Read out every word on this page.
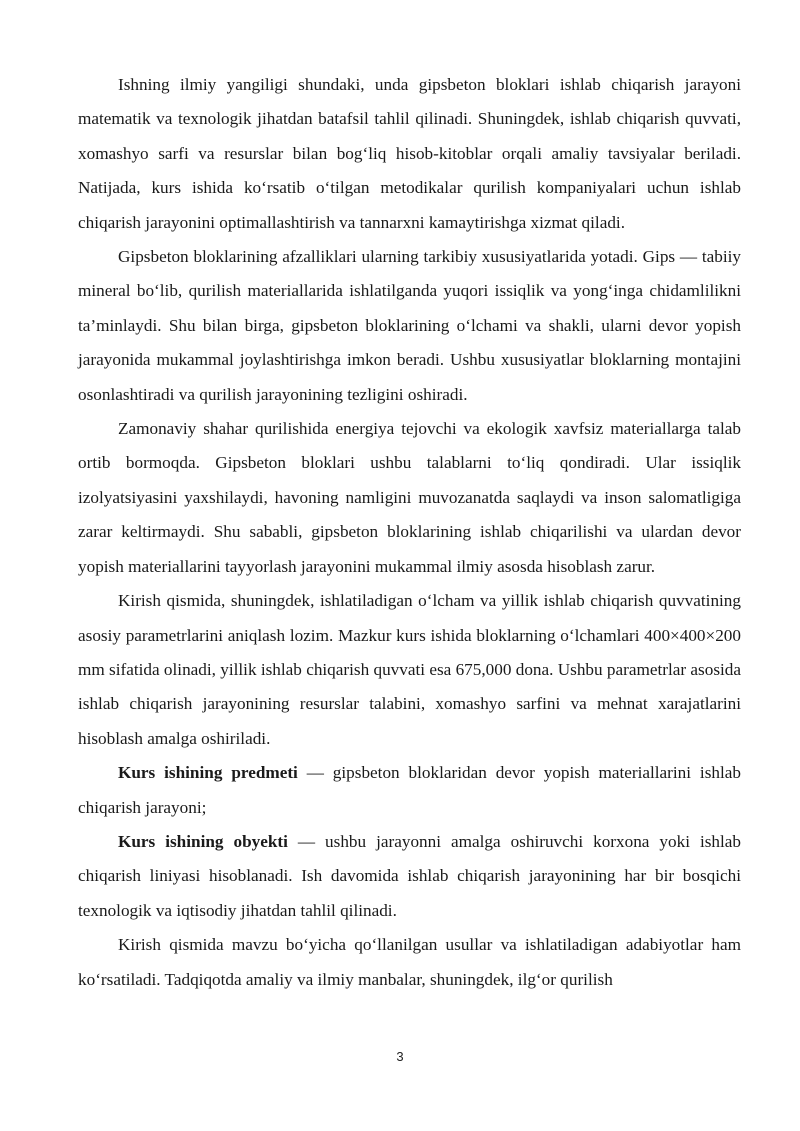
Ishning ilmiy yangiligi shundaki, unda gipsbeton bloklari ishlab chiqarish jarayoni matematik va texnologik jihatdan batafsil tahlil qilinadi. Shuningdek, ishlab chiqarish quvvati, xomashyo sarfi va resurslar bilan bog‘liq hisob-kitoblar orqali amaliy tavsiyalar beriladi. Natijada, kurs ishida ko‘rsatib o‘tilgan metodikalar qurilish kompaniyalari uchun ishlab chiqarish jarayonini optimallashtirish va tannarxni kamaytirishga xizmat qiladi.

Gipsbeton bloklarining afzalliklari ularning tarkibiy xususiyatlarida yotadi. Gips — tabiiy mineral bo‘lib, qurilish materiallarida ishlatilganda yuqori issiqlik va yong‘inga chidamlilikni ta’minlaydi. Shu bilan birga, gipsbeton bloklarining o‘lchami va shakli, ularni devor yopish jarayonida mukammal joylashtirishga imkon beradi. Ushbu xususiyatlar bloklarning montajini osonlashtiradi va qurilish jarayonining tezligini oshiradi.

Zamonaviy shahar qurilishida energiya tejovchi va ekologik xavfsiz materiallarga talab ortib bormoqda. Gipsbeton bloklari ushbu talablarni to‘liq qondiradi. Ular issiqlik izolyatsiyasini yaxshilaydi, havoning namligini muvozanatda saqlaydi va inson salomatligiga zarar keltirmaydi. Shu sababli, gipsbeton bloklarining ishlab chiqarilishi va ulardan devor yopish materiallarini tayyorlash jarayonini mukammal ilmiy asosda hisoblash zarur.

Kirish qismida, shuningdek, ishlatiladigan o‘lcham va yillik ishlab chiqarish quvvatining asosiy parametrlarini aniqlash lozim. Mazkur kurs ishida bloklarning o‘lchamlari 400×400×200 mm sifatida olinadi, yillik ishlab chiqarish quvvati esa 675,000 dona. Ushbu parametrlar asosida ishlab chiqarish jarayonining resurslar talabini, xomashyo sarfini va mehnat xarajatlarini hisoblash amalga oshiriladi.

Kurs ishining predmeti — gipsbeton bloklaridan devor yopish materiallarini ishlab chiqarish jarayoni;

Kurs ishining obyekti — ushbu jarayonni amalga oshiruvchi korxona yoki ishlab chiqarish liniyasi hisoblanadi. Ish davomida ishlab chiqarish jarayonining har bir bosqichi texnologik va iqtisodiy jihatdan tahlil qilinadi.

Kirish qismida mavzu bo‘yicha qo‘llanilgan usullar va ishlatiladigan adabiyotlar ham ko‘rsatiladi. Tadqiqotda amaliy va ilmiy manbalar, shuningdek, ilg‘or qurilish

3
